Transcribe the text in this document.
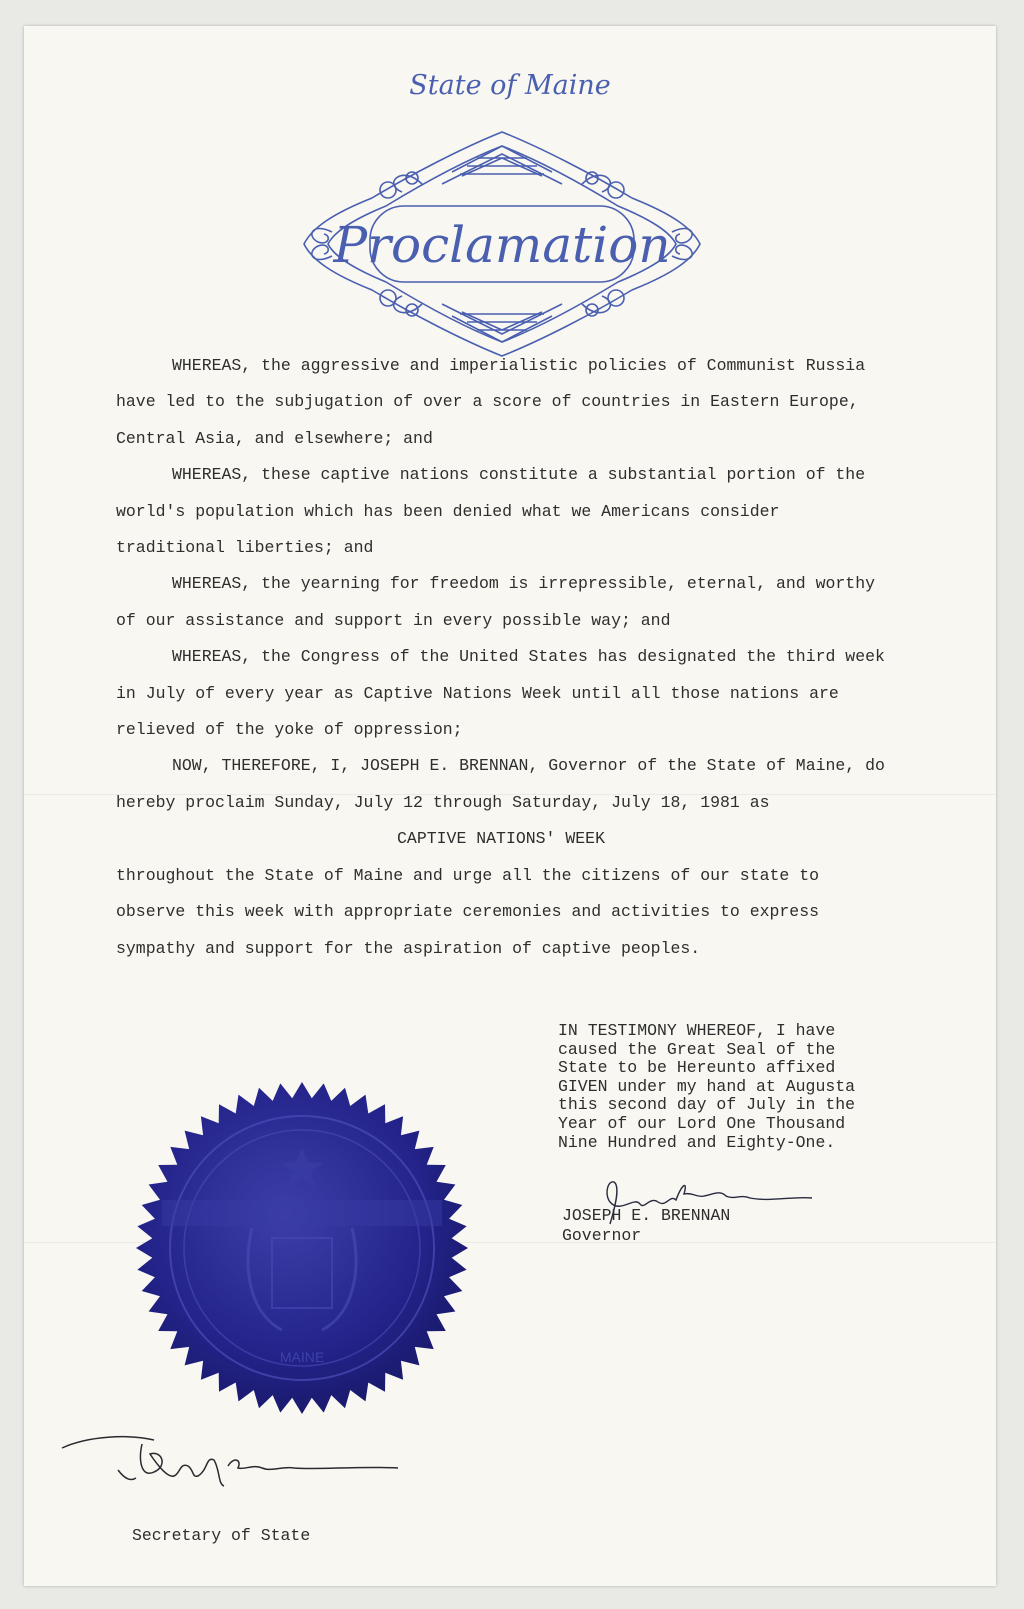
State of Maine
Proclamation

WHEREAS, the aggressive and imperialistic policies of Communist Russia have led to the subjugation of over a score of countries in Eastern Europe, Central Asia, and elsewhere; and

WHEREAS, these captive nations constitute a substantial portion of the world's population which has been denied what we Americans consider traditional liberties; and

WHEREAS, the yearning for freedom is irrepressible, eternal, and worthy of our assistance and support in every possible way; and

WHEREAS, the Congress of the United States has designated the third week in July of every year as Captive Nations Week until all those nations are relieved of the yoke of oppression;

NOW, THEREFORE, I, JOSEPH E. BRENNAN, Governor of the State of Maine, do hereby proclaim Sunday, July 12 through Saturday, July 18, 1981 as

CAPTIVE NATIONS' WEEK

throughout the State of Maine and urge all the citizens of our state to observe this week with appropriate ceremonies and activities to express sympathy and support for the aspiration of captive peoples.

IN TESTIMONY WHEREOF, I have

caused the Great Seal of the

State to be Hereunto affixed

GIVEN under my hand at Augusta

this second day of July in the

Year of our Lord One Thousand

Nine Hundred and Eighty-One.

Joseph E Brennan

JOSEPH E. BRENNAN

Governor

MAINE
Secretary of State
